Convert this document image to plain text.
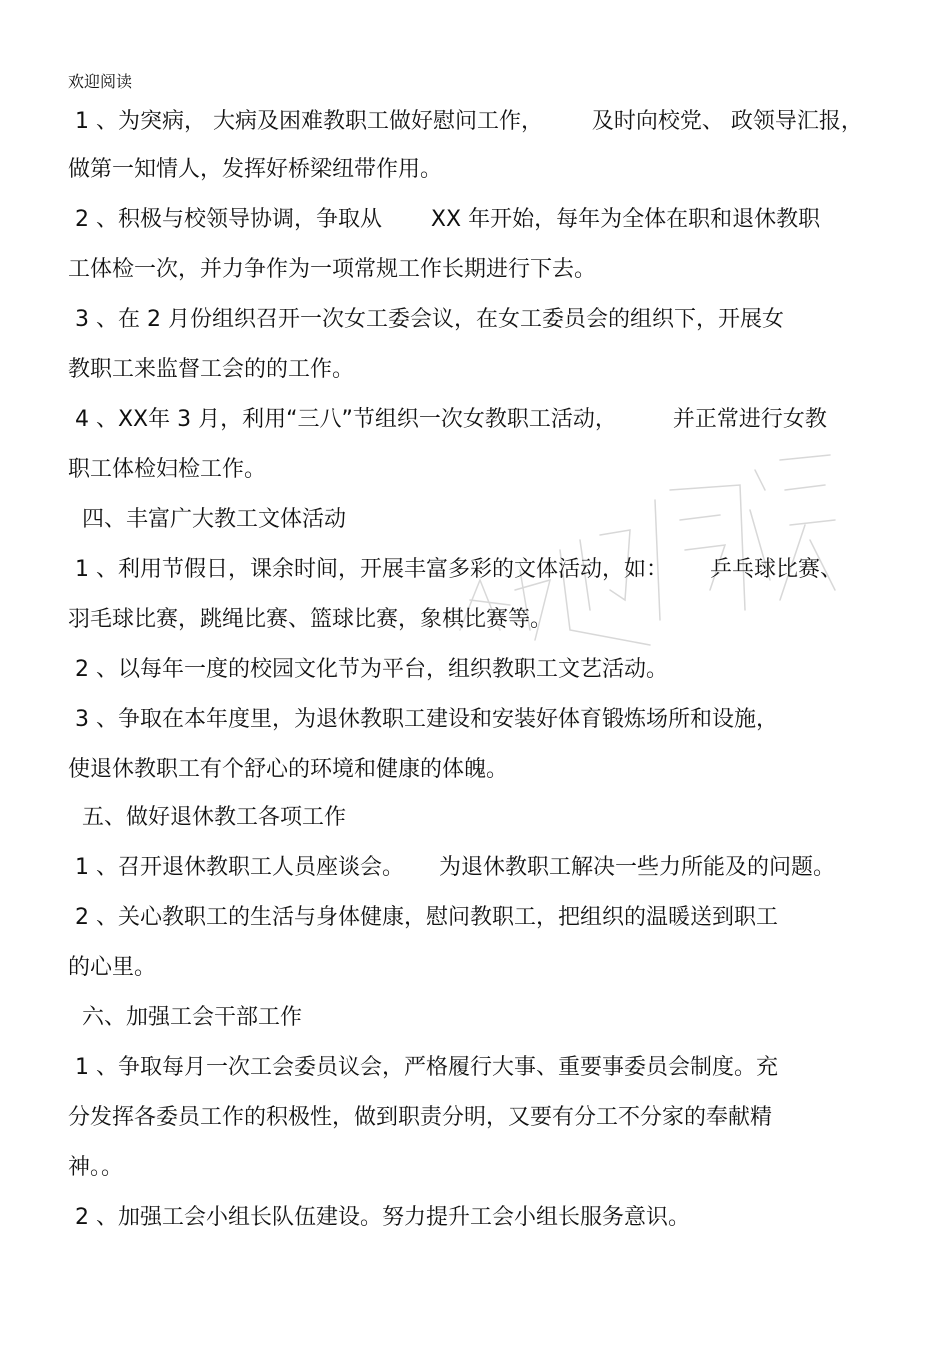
欢迎阅读
1 、为突病， 大病及困难教职工做好慰问工作，       及时向校党、 政领导汇报，
做第一知情人，发挥好桥梁纽带作用。
2 、积极与校领导协调，争取从       XX 年开始，每年为全体在职和退休教职
工体检一次，并力争作为一项常规工作长期进行下去。
3 、在 2 月份组织召开一次女工委会议，在女工委员会的组织下，开展女
教职工来监督工会的的工作。
4 、XX年 3 月，利用“三八”节组织一次女教职工活动，        并正常进行女教
职工体检妇检工作。
四、丰富广大教工文体活动
1 、利用节假日，课余时间，开展丰富多彩的文体活动，如：      乒乓球比赛、
羽毛球比赛，跳绳比赛、篮球比赛，象棋比赛等。
2 、以每年一度的校园文化节为平台，组织教职工文艺活动。
3 、争取在本年度里，为退休教职工建设和安装好体育锻炼场所和设施，
使退休教职工有个舒心的环境和健康的体魄。
五、做好退休教工各项工作
1 、召开退休教职工人员座谈会。     为退休教职工解决一些力所能及的问题。
2 、关心教职工的生活与身体健康，慰问教职工，把组织的温暖送到职工
的心里。
六、加强工会干部工作
1 、争取每月一次工会委员议会，严格履行大事、重要事委员会制度。充
分发挥各委员工作的积极性，做到职责分明，又要有分工不分家的奉献精
神。。
2 、加强工会小组长队伍建设。努力提升工会小组长服务意识。
